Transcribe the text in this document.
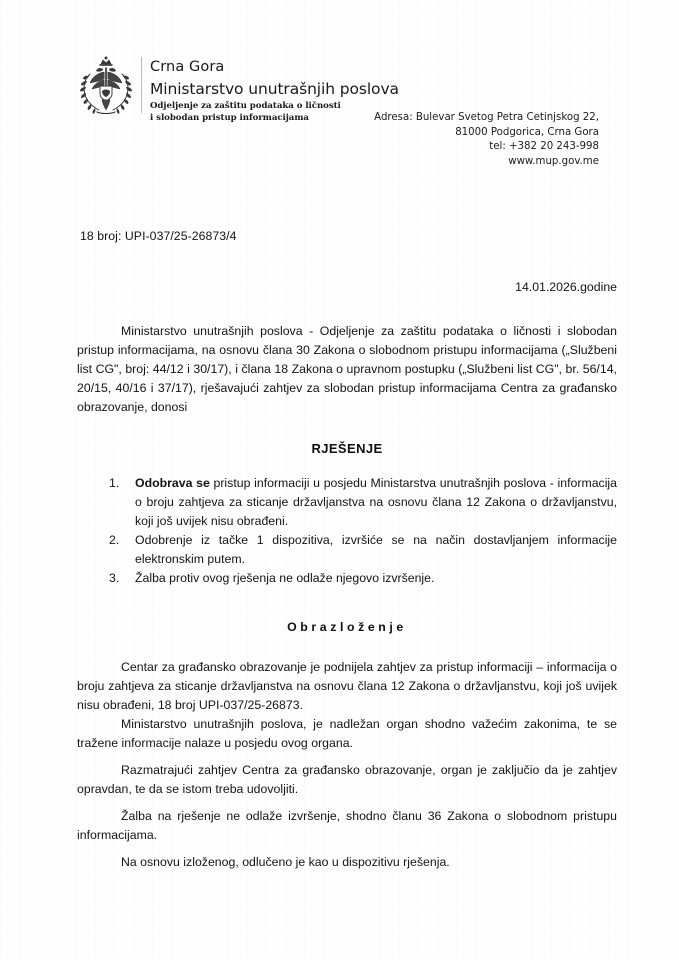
Crna Gora
Ministarstvo unutrašnjih poslova
Odjeljenje za zaštitu podataka o ličnosti
i slobodan pristup informacijama	Adresa: Bulevar Svetog Petra Cetinjskog 22,
81000 Podgorica, Crna Gora
tel: +382 20 243-998
www.mup.gov.me
18 broj: UPI-037/25-26873/4
14.01.2026.godine

Ministarstvo unutrašnjih poslova - Odjeljenje za zaštitu podataka o ličnosti i slobodan pristup informacijama, na osnovu člana 30 Zakona o slobodnom pristupu informacijama („Službeni list CG", broj: 44/12 i 30/17), i člana 18 Zakona o upravnom postupku („Službeni list CG", br. 56/14, 20/15, 40/16 i 37/17), rješavajući zahtjev za slobodan pristup informacijama Centra za građansko obrazovanje, donosi

RJEŠENJE
Odobrava se pristup informaciji u posjedu Ministarstva unutrašnjih poslova - informacija o broju zahtjeva za sticanje državljanstva na osnovu člana 12 Zakona o državljanstvu, koji još uvijek nisu obrađeni.
Odobrenje iz tačke 1 dispozitiva, izvršiće se na način dostavljanjem informacije elektronskim putem.
Žalba protiv ovog rješenja ne odlaže njegovo izvršenje.
Obrazloženje

Centar za građansko obrazovanje je podnijela zahtjev za pristup informaciji – informacija o broju zahtjeva za sticanje državljanstva na osnovu člana 12 Zakona o državljanstvu, koji još uvijek nisu obrađeni, 18 broj UPI-037/25-26873.

Ministarstvo unutrašnjih poslova, je nadležan organ shodno važećim zakonima, te se tražene informacije nalaze u posjedu ovog organa.

Razmatrajući zahtjev Centra za građansko obrazovanje, organ je zaključio da je zahtjev opravdan, te da se istom treba udovoljiti.

Žalba na rješenje ne odlaže izvršenje, shodno članu 36 Zakona o slobodnom pristupu informacijama.

Na osnovu izloženog, odlučeno je kao u dispozitivu rješenja.
